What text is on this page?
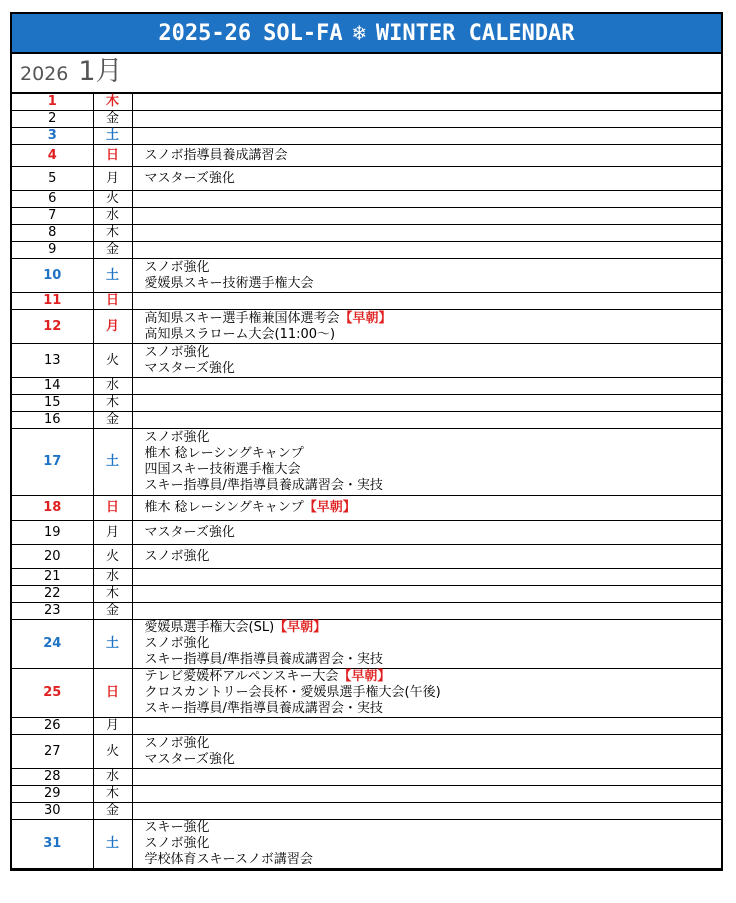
2025-26 SOL-FA ❄ WINTER CALENDAR
2026 1月
1	木	
2	金	
3	土	
4	日	スノボ指導員養成講習会

5	月	マスターズ強化

6	火	
7	水	
8	木	
9	金	
10	土	スノボ強化
愛媛県スキー技術選手権大会

11	日	
12	月	高知県スキー選手権兼国体選考会【早朝】
高知県スラローム大会(11:00～)

13	火	スノボ強化
マスターズ強化

14	水	
15	木	
16	金	
17	土	スノボ強化
椎木 稔レーシングキャンプ
四国スキー技術選手権大会
スキー指導員/準指導員養成講習会・実技

18	日	椎木 稔レーシングキャンプ【早朝】

19	月	マスターズ強化

20	火	スノボ強化

21	水	
22	木	
23	金	
24	土	愛媛県選手権大会(SL)【早朝】
スノボ強化
スキー指導員/準指導員養成講習会・実技

25	日	テレビ愛媛杯アルペンスキー大会【早朝】
クロスカントリー会長杯・愛媛県選手権大会(午後)
スキー指導員/準指導員養成講習会・実技

26	月	
27	火	スノボ強化
マスターズ強化

28	水	
29	木	
30	金	
31	土	スキー強化
スノボ強化
学校体育スキースノボ講習会
